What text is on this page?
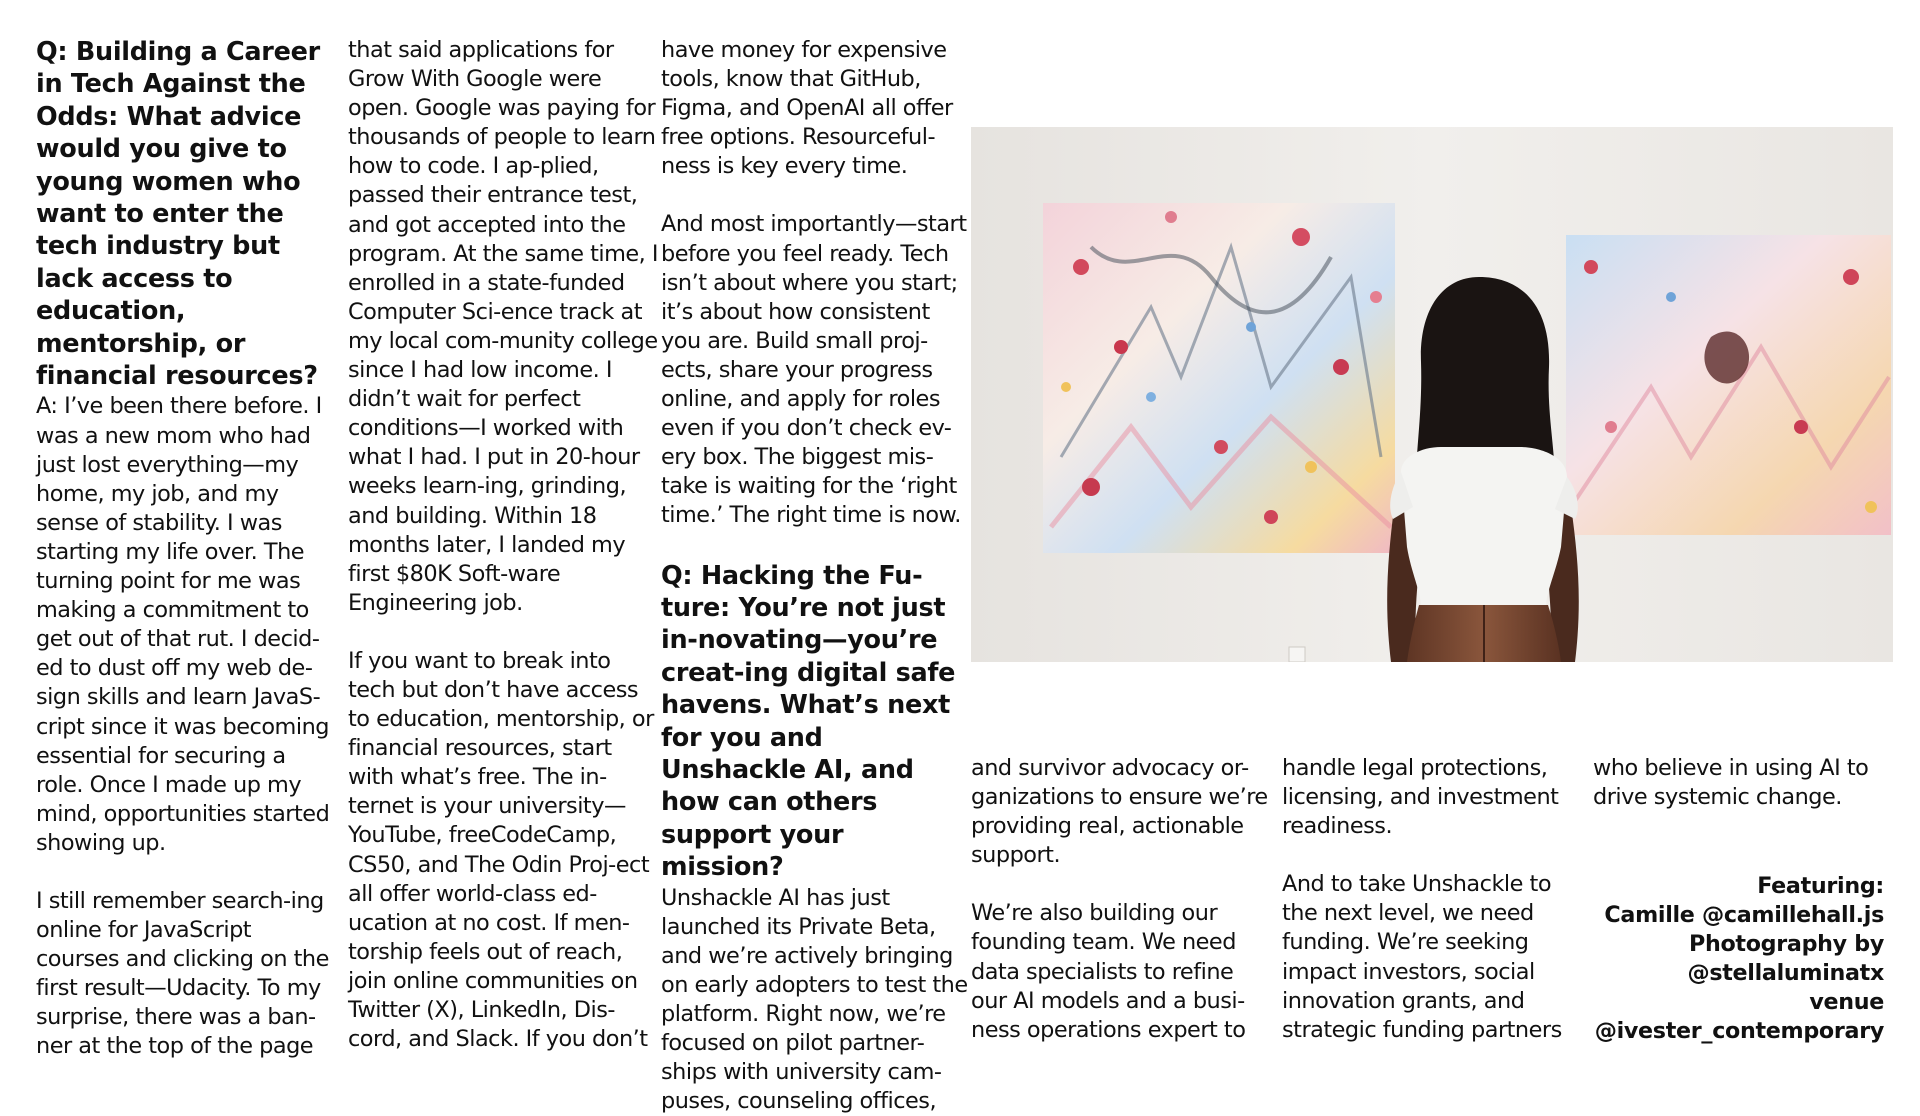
Q: Building a Career in Tech Against the Odds: What advice would you give to young women who want to enter the tech industry but lack access to education, mentorship, or financial resources?

A: I’ve been there before. I was a new mom who had just lost everything—my home, my job, and my sense of stability. I was starting my life over. The turning point for me was making a commitment to get out of that rut. I decid-ed to dust off my web de-sign skills and learn JavaS-cript since it was becoming essential for securing a role. Once I made up my mind, opportunities started showing up.

I still remember search-ing online for JavaScript courses and clicking on the first result—Udacity. To my surprise, there was a ban-ner at the top of the page

that said applications for Grow With Google were open. Google was paying for thousands of people to learn how to code. I ap-plied, passed their entrance test, and got accepted into the program. At the same time, I enrolled in a state-funded Computer Sci-ence track at my local com-munity college since I had low income. I didn’t wait for perfect conditions—I worked with what I had. I put in 20-hour weeks learn-ing, grinding, and building. Within 18 months later, I landed my first $80K Soft-ware Engineering job.

If you want to break into tech but don’t have access to education, mentorship, or financial resources, start with what’s free. The in-ternet is your university—YouTube, freeCodeCamp, CS50, and The Odin Proj-ect all offer world-class ed-ucation at no cost. If men-torship feels out of reach, join online communities on Twitter (X), LinkedIn, Dis-cord, and Slack. If you don’t

have money for expensive tools, know that GitHub, Figma, and OpenAI all offer free options. Resourceful-ness is key every time.

And most importantly—start before you feel ready. Tech isn’t about where you start; it’s about how consistent you are. Build small proj-ects, share your progress online, and apply for roles even if you don’t check ev-ery box. The biggest mis-take is waiting for the ‘right time.’ The right time is now.

Q: Hacking the Fu-ture: You’re not just in-novating—you’re creat-ing digital safe havens. What’s next for you and Unshackle AI, and how can others support your mission?

Unshackle AI has just launched its Private Beta, and we’re actively bringing on early adopters to test the platform. Right now, we’re focused on pilot partner-ships with university cam-puses, counseling offices,

and survivor advocacy or-ganizations to ensure we’re providing real, actionable support.

We’re also building our founding team. We need data specialists to refine our AI models and a busi-ness operations expert to

handle legal protections, licensing, and investment readiness.

And to take Unshackle to the next level, we need funding. We’re seeking impact investors, social innovation grants, and strategic funding partners

who believe in using AI to drive systemic change.

Featuring:
Camille @camillehall.js
Photography by
@stellaluminatx
venue
@ivester_contemporary
